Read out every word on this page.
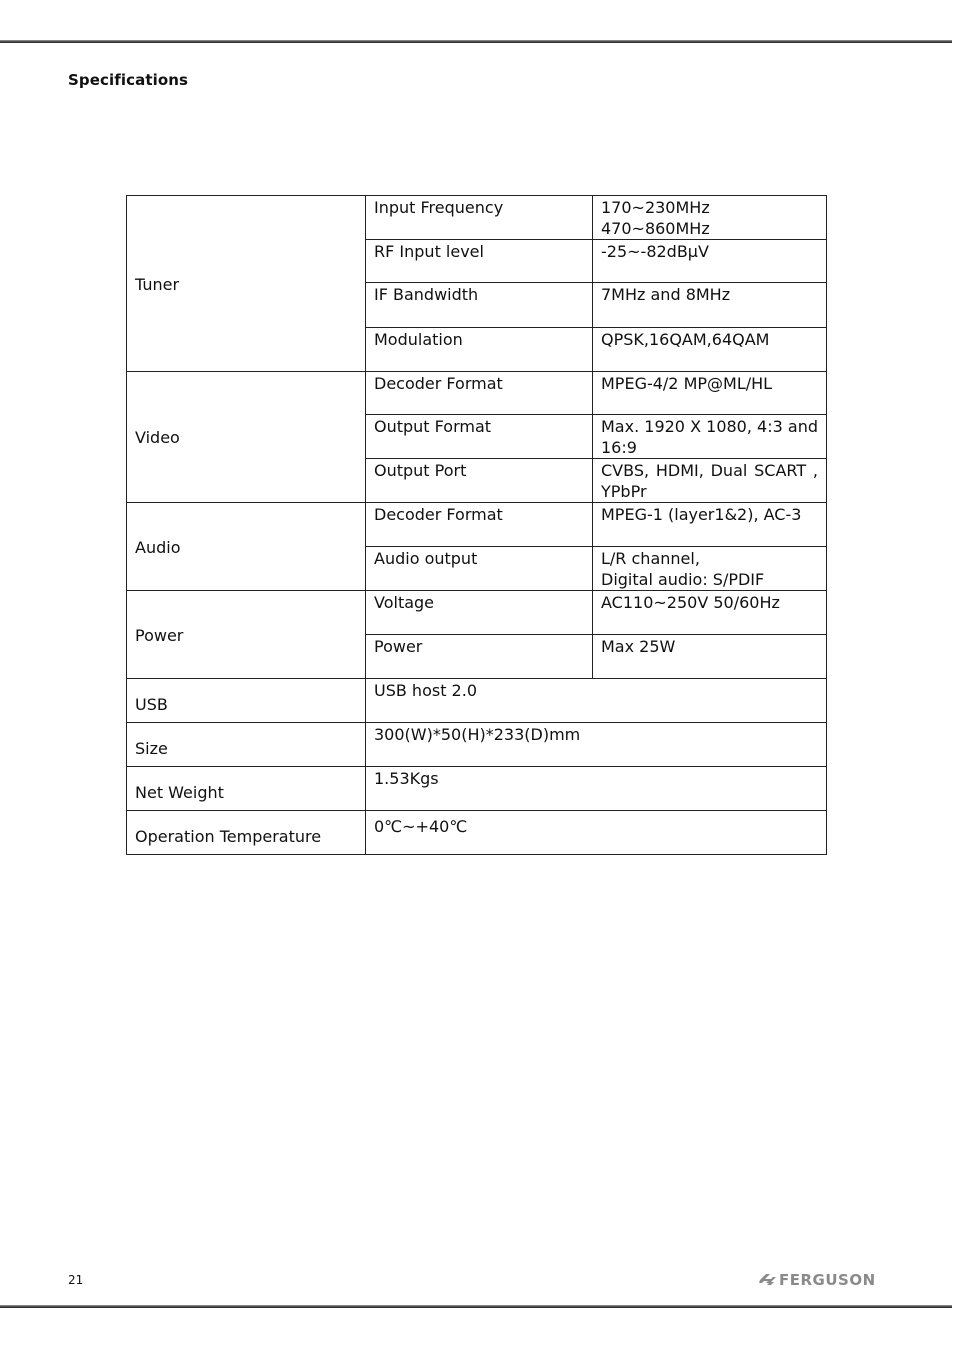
Specifications
Tuner	Input Frequency	170~230MHz
470~860MHz
	RF Input level	-25~-82dBμV
	IF Bandwidth	7MHz and 8MHz
	Modulation	QPSK,16QAM,64QAM
Video	Decoder Format	MPEG-4/2 MP@ML/HL
	Output Format	Max. 1920 X 1080, 4:3 and 16:9
	Output Port	CVBS, HDMI, Dual SCART , YPbPr
Audio	Decoder Format	MPEG-1 (layer1&2), AC-3
	Audio output	L/R channel,
Digital audio: S/PDIF
Power	Voltage	AC110~250V 50/60Hz
	Power	Max 25W
USB	USB host 2.0	
Size	300(W)*50(H)*233(D)mm	
Net Weight	1.53Kgs	
Operation Temperature	0℃~+40℃	
21	FERGUSON
